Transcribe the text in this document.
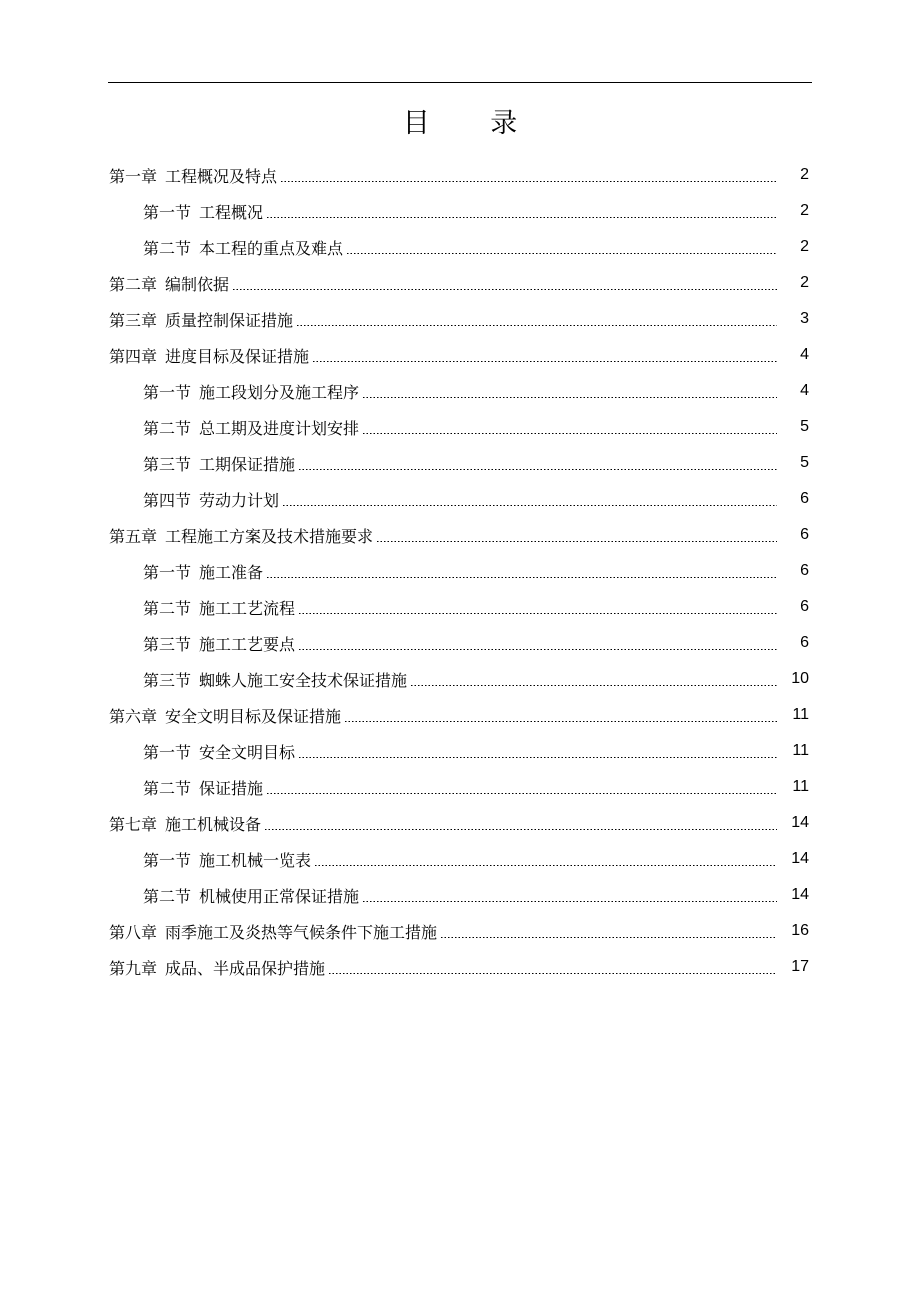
目 录
第一章 工程概况及特点	2
第一节 工程概况	2
第二节 本工程的重点及难点	2
第二章 编制依据	2
第三章 质量控制保证措施	3
第四章 进度目标及保证措施	4
第一节 施工段划分及施工程序	4
第二节 总工期及进度计划安排	5
第三节 工期保证措施	5
第四节 劳动力计划	6
第五章 工程施工方案及技术措施要求	6
第一节 施工准备	6
第二节 施工工艺流程	6
第三节 施工工艺要点	6
第三节 蜘蛛人施工安全技术保证措施	10
第六章 安全文明目标及保证措施	11
第一节 安全文明目标	11
第二节 保证措施	11
第七章 施工机械设备	14
第一节 施工机械一览表	14
第二节 机械使用正常保证措施	14
第八章 雨季施工及炎热等气候条件下施工措施	16
第九章 成品、半成品保护措施	17
